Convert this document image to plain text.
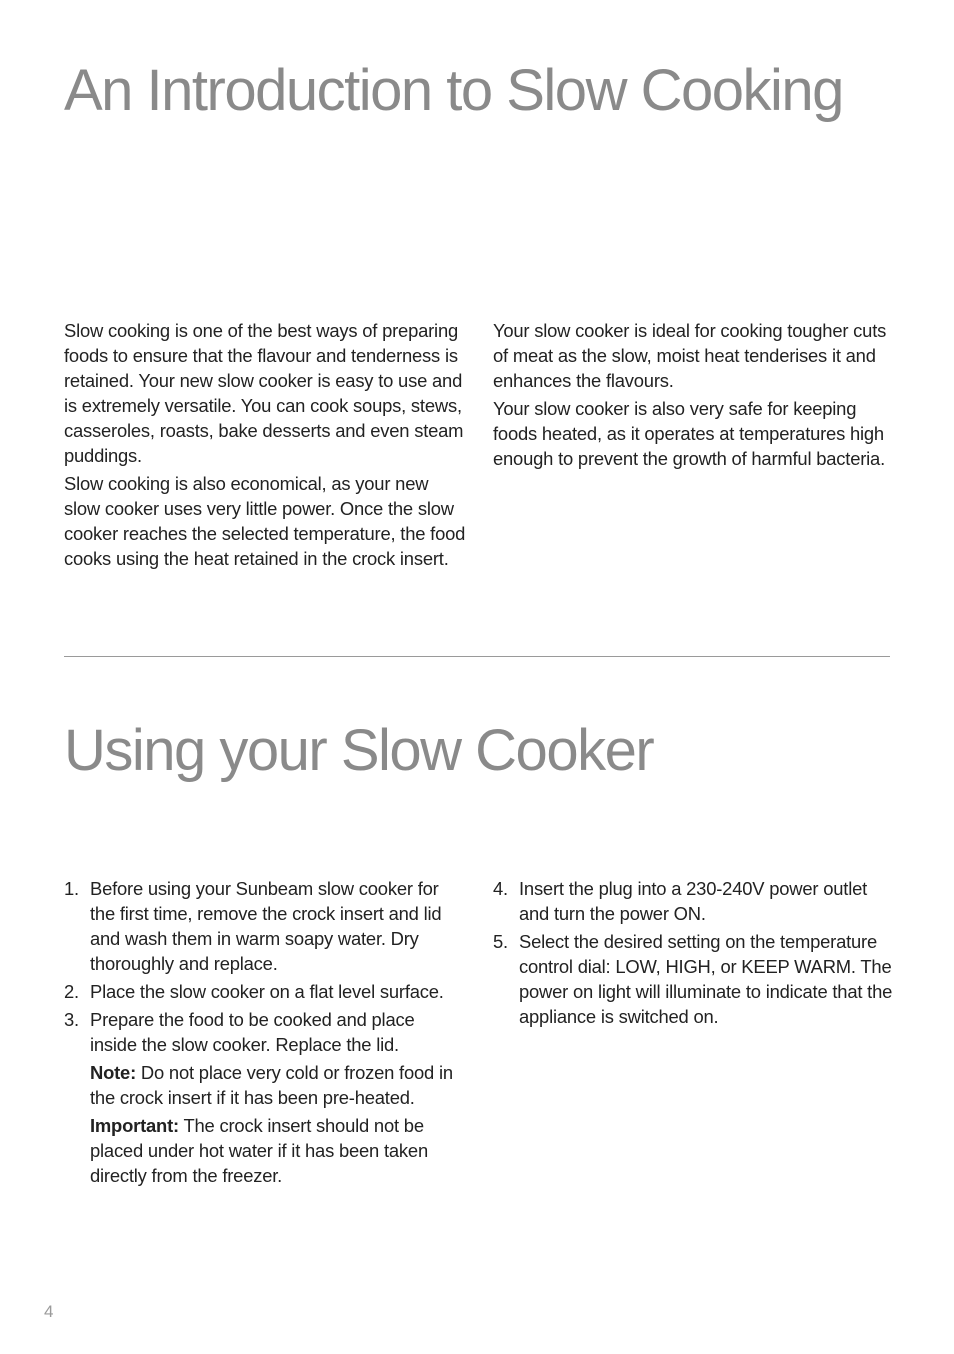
An Introduction to Slow Cooking

Slow cooking is one of the best ways of preparing foods to ensure that the flavour and tenderness is retained. Your new slow cooker is easy to use and is extremely versatile. You can cook soups, stews, casseroles, roasts, bake desserts and even steam puddings.

Slow cooking is also economical, as your new slow cooker uses very little power. Once the slow cooker reaches the selected temperature, the food cooks using the heat retained in the crock insert.

Your slow cooker is ideal for cooking tougher cuts of meat as the slow, moist heat tenderises it and enhances the flavours.

Your slow cooker is also very safe for keeping foods heated, as it operates at temperatures high enough to prevent the growth of harmful bacteria.

Using your Slow Cooker
1. Before using your Sunbeam slow cooker for the first time, remove the crock insert and lid and wash them in warm soapy water. Dry thoroughly and replace.

2. Place the slow cooker on a flat level surface.

3. Prepare the food to be cooked and place inside the slow cooker. Replace the lid.

Note: Do not place very cold or frozen food in the crock insert if it has been pre-heated.

Important: The crock insert should not be placed under hot water if it has been taken directly from the freezer.

4. Insert the plug into a 230-240V power outlet and turn the power ON.

5. Select the desired setting on the temperature control dial: LOW, HIGH, or KEEP WARM. The power on light will illuminate to indicate that the appliance is switched on.

4
